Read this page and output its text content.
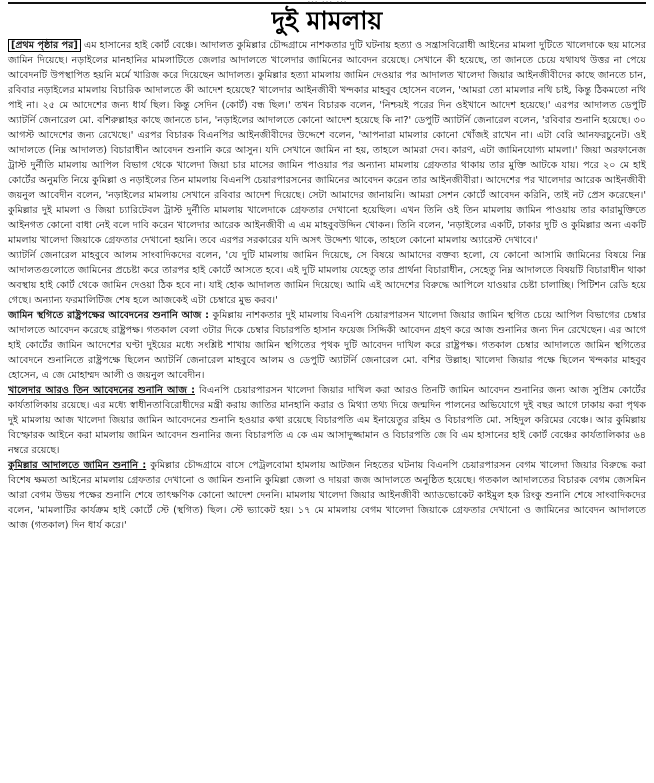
দুই মামলায়

[প্রথম পৃষ্ঠার পর] এম হাসানের হাই কোর্ট বেঞ্চে। আদালত কুমিল্লার চৌদ্দগ্রামে নাশকতার দুটি ঘটনায় হত্যা ও সন্ত্রাসবিরোধী আইনের মামলা দুটিতে খালেদাকে ছয় মাসের জামিন দিয়েছে। নড়াইলের মানহানির মামলাটিতে জেলার আদালতে খালেদার জামিনের আবেদন রয়েছে। সেখানে কী হয়েছে, তা জানতে চেয়ে যথাযথ উত্তর না পেয়ে আবেদনটি উপস্থাপিত হয়নি মর্মে খারিজ করে দিয়েছেন আদালত। কুমিল্লার হত্যা মামলায় জামিন দেওয়ার পর আদালত খালেদা জিয়ার আইনজীবীদের কাছে জানতে চান, রবিবার নড়াইলের মামলায় বিচারিক আদালতে কী আদেশ হয়েছে? খালেদার আইনজীবী খন্দকার মাহবুব হোসেন বলেন, 'আমরা তো মামলার নথি চাই, কিন্তু ঠিকমতো নথি পাই না। ২৫ মে আদেশের জন্য ধার্য ছিল। কিন্তু সেদিন (কোর্ট) বন্ধ ছিল।' তখন বিচারক বলেন, 'নিশ্চয়ই পরের দিন ওইখানে আদেশ হয়েছে।' এরপর আদালত ডেপুটি অ্যাটর্নি জেনারেল মো. বশিরুল্লাহর কাছে জানতে চান, 'নড়াইলের আদালতে কোনো আদেশ হয়েছে কি না?' ডেপুটি অ্যাটর্নি জেনারেল বলেন, 'রবিবার শুনানি হয়েছে। ৩০ আগস্ট আদেশের জন্য রেখেছে।' এরপর বিচারক বিএনপির আইনজীবীদের উদ্দেশে বলেন, 'আপনারা মামলার কোনো খোঁজই রাখেন না। এটা বেরি আনফরচুনেট। ওই আদালতে (নিম্ন আদালত) বিচারাধীন আবেদন শুনানি করে আসুন। যদি সেখানে জামিন না হয়, তাহলে আমরা দেব। কারণ, এটা জামিনযোগ্য মামলা।' জিয়া অরফানেজ ট্রাস্ট দুর্নীতি মামলায় আপিল বিভাগ থেকে খালেদা জিয়া চার মাসের জামিন পাওয়ার পর অন্যান্য মামলায় গ্রেফতার থাকায় তার মুক্তি আটকে যায়। পরে ২০ মে হাই কোর্টের অনুমতি নিয়ে কুমিল্লা ও নড়াইলের তিন মামলায় বিএনপি চেয়ারপারসনের জামিনের আবেদন করেন তার আইনজীবীরা। আদেশের পর খালেদার আরেক আইনজীবী জয়নুল আবেদীন বলেন, 'নড়াইলের মামলায় সেখানে রবিবার আদেশ দিয়েছে। সেটা আমাদের জানায়নি। আমরা সেশন কোর্টে আবেদন করিনি, তাই নট প্রেস করেছেন।' কুমিল্লার দুই মামলা ও জিয়া চ্যারিটেবল ট্রাস্ট দুর্নীতি মামলায় খালেদাকে গ্রেফতার দেখানো হয়েছিল। এখন তিনি ওই তিন মামলায় জামিন পাওয়ায় তার কারামুক্তিতে আইনগত কোনো বাধা নেই বলে দাবি করেন খালেদার আরেক আইনজীবী এ এম মাহবুবউদ্দিন খোকন। তিনি বলেন, 'নড়াইলের একটি, ঢাকার দুটি ও কুমিল্লার অন্য একটি মামলায় খালেদা জিয়াকে গ্রেফতার দেখানো হয়নি। তবে এরপর সরকারের যদি অসৎ উদ্দেশ্য থাকে, তাহলে কোনো মামলায় অ্যারেস্ট দেখাবে।'

অ্যাটর্নি জেনারেল মাহবুবে আলম সাংবাদিকদের বলেন, 'যে দুটি মামলায় জামিন দিয়েছে, সে বিষয়ে আমাদের বক্তব্য হলো, যে কোনো আসামি জামিনের বিষয়ে নিম্ন আদালতগুলোতে জামিনের প্রচেষ্টা করে তারপর হাই কোর্টে আসতে হবে। এই দুটি মামলায় যেহেতু তার প্রার্থনা বিচারাধীন, সেহেতু নিম্ন আদালতে বিষয়টি বিচারাধীন থাকা অবস্থায় হাই কোর্ট থেকে জামিন দেওয়া ঠিক হবে না। যাই হোক আদালত জামিন দিয়েছে। আমি এই আদেশের বিরুদ্ধে আপিলে যাওয়ার চেষ্টা চালাচ্ছি। পিটিশন রেডি হয়ে গেছে। অন্যান্য ফরমালিটিজ শেষ হলে আজকেই এটা চেম্বারে মুভ করব।'

জামিন স্থগিতে রাষ্ট্রপক্ষের আবেদনের শুনানি আজ : কুমিল্লায় নাশকতার দুই মামলায় বিএনপি চেয়ারপারসন খালেদা জিয়ার জামিন স্থগিত চেয়ে আপিল বিভাগের চেম্বার আদালতে আবেদন করেছে রাষ্ট্রপক্ষ। গতকাল বেলা ৩টার দিকে চেম্বার বিচারপতি হাসান ফয়েজ সিদ্দিকী আবেদন গ্রহণ করে আজ শুনানির জন্য দিন রেখেছেন। এর আগে হাই কোর্টের জামিন আদেশের ঘণ্টা দুইয়ের মধ্যে সংশ্লিষ্ট শাখায় জামিন স্থগিতের পৃথক দুটি আবেদন দাখিল করে রাষ্ট্রপক্ষ। গতকাল চেম্বার আদালতে জামিন স্থগিতের আবেদনে শুনানিতে রাষ্ট্রপক্ষে ছিলেন অ্যাটর্নি জেনারেল মাহবুবে আলম ও ডেপুটি অ্যাটর্নি জেনারেল মো. বশির উল্লাহ। খালেদা জিয়ার পক্ষে ছিলেন খন্দকার মাহবুব হোসেন, এ জে মোহাম্মদ আলী ও জয়নুল আবেদীন।

খালেদার আরও তিন আবেদনের শুনানি আজ : বিএনপি চেয়ারপারসন খালেদা জিয়ার দাখিল করা আরও তিনটি জামিন আবেদন শুনানির জন্য আজ সুপ্রিম কোর্টের কার্যতালিকায় রয়েছে। এর মধ্যে স্বাধীনতাবিরোধীদের মন্ত্রী করায় জাতির মানহানি করার ও মিথ্যা তথ্য দিয়ে জন্মদিন পালনের অভিযোগে দুই বছর আগে ঢাকায় করা পৃথক দুই মামলায় আজ খালেদা জিয়ার জামিন আবেদনের শুনানি হওয়ার কথা রয়েছে বিচারপতি এম ইনায়েতুর রহিম ও বিচারপতি মো. সহিদুল করিমের বেঞ্চে। আর কুমিল্লায় বিস্ফোরক আইনে করা মামলায় জামিন আবেদন শুনানির জন্য বিচারপতি এ কে এম আসাদুজ্জামান ও বিচারপতি জে বি এম হাসানের হাই কোর্ট বেঞ্চের কার্যতালিকার ৬৪ নম্বরে রয়েছে।

কুমিল্লার আদালতে জামিন শুনানি : কুমিল্লার চৌদ্দগ্রামে বাসে পেট্রলবোমা হামলায় আটজন নিহতের ঘটনায় বিএনপি চেয়ারপারসন বেগম খালেদা জিয়ার বিরুদ্ধে করা বিশেষ ক্ষমতা আইনের মামলায় গ্রেফতার দেখানো ও জামিন শুনানি কুমিল্লা জেলা ও দায়রা জজ আদালতে অনুষ্ঠিত হয়েছে। গতকাল আদালতের বিচারক বেগম জেসমিন আরা বেগম উভয় পক্ষের শুনানি শেষে তাৎক্ষণিক কোনো আদেশ দেননি। মামলায় খালেদা জিয়ার আইনজীবী অ্যাডভোকেট কাইমুল হক রিংকু শুনানি শেষে সাংবাদিকদের বলেন, 'মামলাটির কার্যক্রম হাই কোর্টে স্টে (স্থগিত) ছিল। স্টে ভ্যাকেট হয়। ১৭ মে মামলায় বেগম খালেদা জিয়াকে গ্রেফতার দেখানো ও জামিনের আবেদন আদালতে আজ (গতকাল) দিন ধার্য করে।'
